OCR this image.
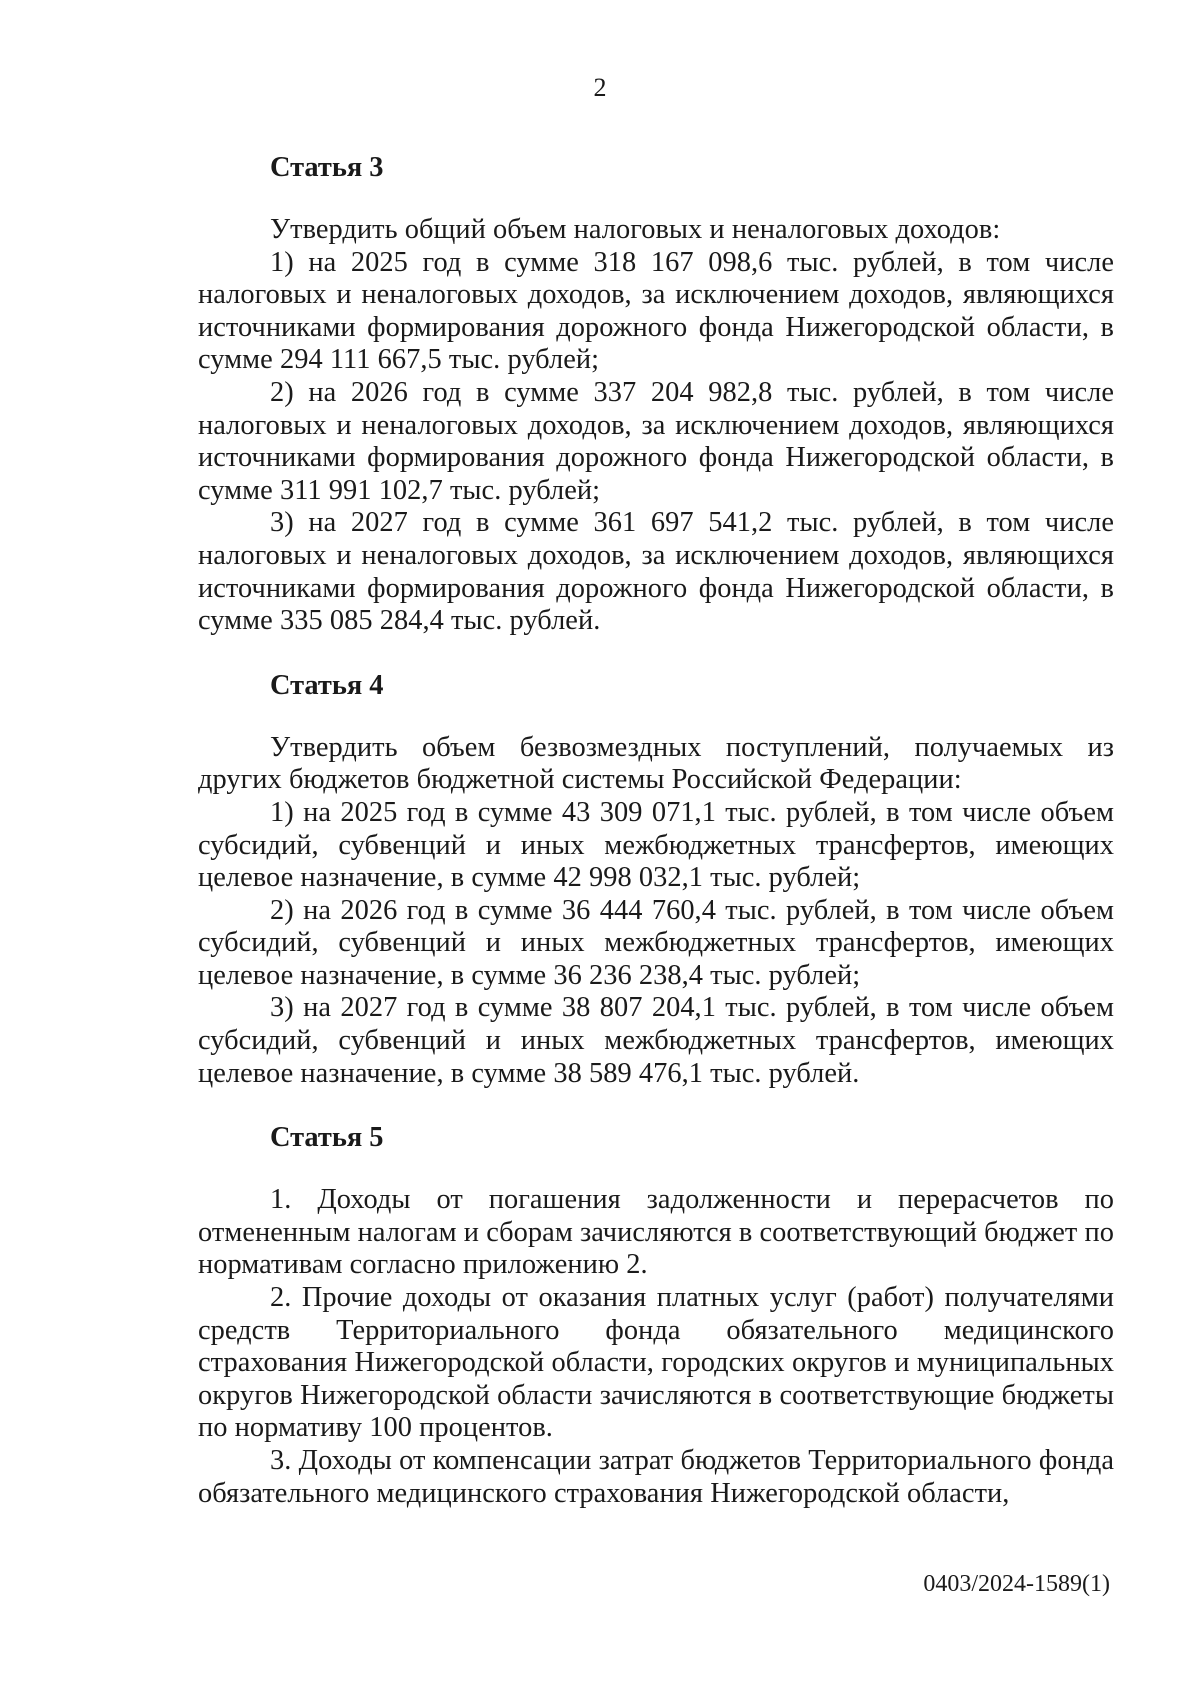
2
Статья 3

Утвердить общий объем налоговых и неналоговых доходов:

1) на 2025 год в сумме 318 167 098,6 тыс. рублей, в том числе налоговых и неналоговых доходов, за исключением доходов, являющихся источниками формирования дорожного фонда Нижегородской области, в сумме 294 111 667,5 тыс. рублей;

2) на 2026 год в сумме 337 204 982,8 тыс. рублей, в том числе налоговых и неналоговых доходов, за исключением доходов, являющихся источниками формирования дорожного фонда Нижегородской области, в сумме 311 991 102,7 тыс. рублей;

3) на 2027 год в сумме 361 697 541,2 тыс. рублей, в том числе налоговых и неналоговых доходов, за исключением доходов, являющихся источниками формирования дорожного фонда Нижегородской области, в сумме 335 085 284,4 тыс. рублей.

Статья 4

Утвердить объем безвозмездных поступлений, получаемых из других бюджетов бюджетной системы Российской Федерации:

1) на 2025 год в сумме 43 309 071,1 тыс. рублей, в том числе объем субсидий, субвенций и иных межбюджетных трансфертов, имеющих целевое назначение, в сумме 42 998 032,1 тыс. рублей;

2) на 2026 год в сумме 36 444 760,4 тыс. рублей, в том числе объем субсидий, субвенций и иных межбюджетных трансфертов, имеющих целевое назначение, в сумме 36 236 238,4 тыс. рублей;

3) на 2027 год в сумме 38 807 204,1 тыс. рублей, в том числе объем субсидий, субвенций и иных межбюджетных трансфертов, имеющих целевое назначение, в сумме 38 589 476,1 тыс. рублей.

Статья 5

1. Доходы от погашения задолженности и перерасчетов по отмененным налогам и сборам зачисляются в соответствующий бюджет по нормативам согласно приложению 2.

2. Прочие доходы от оказания платных услуг (работ) получателями средств Территориального фонда обязательного медицинского страхования Нижегородской области, городских округов и муниципальных округов Нижегородской области зачисляются в соответствующие бюджеты по нормативу 100 процентов.

3. Доходы от компенсации затрат бюджетов Территориального фонда обязательного медицинского страхования Нижегородской области,

0403/2024-1589(1)
